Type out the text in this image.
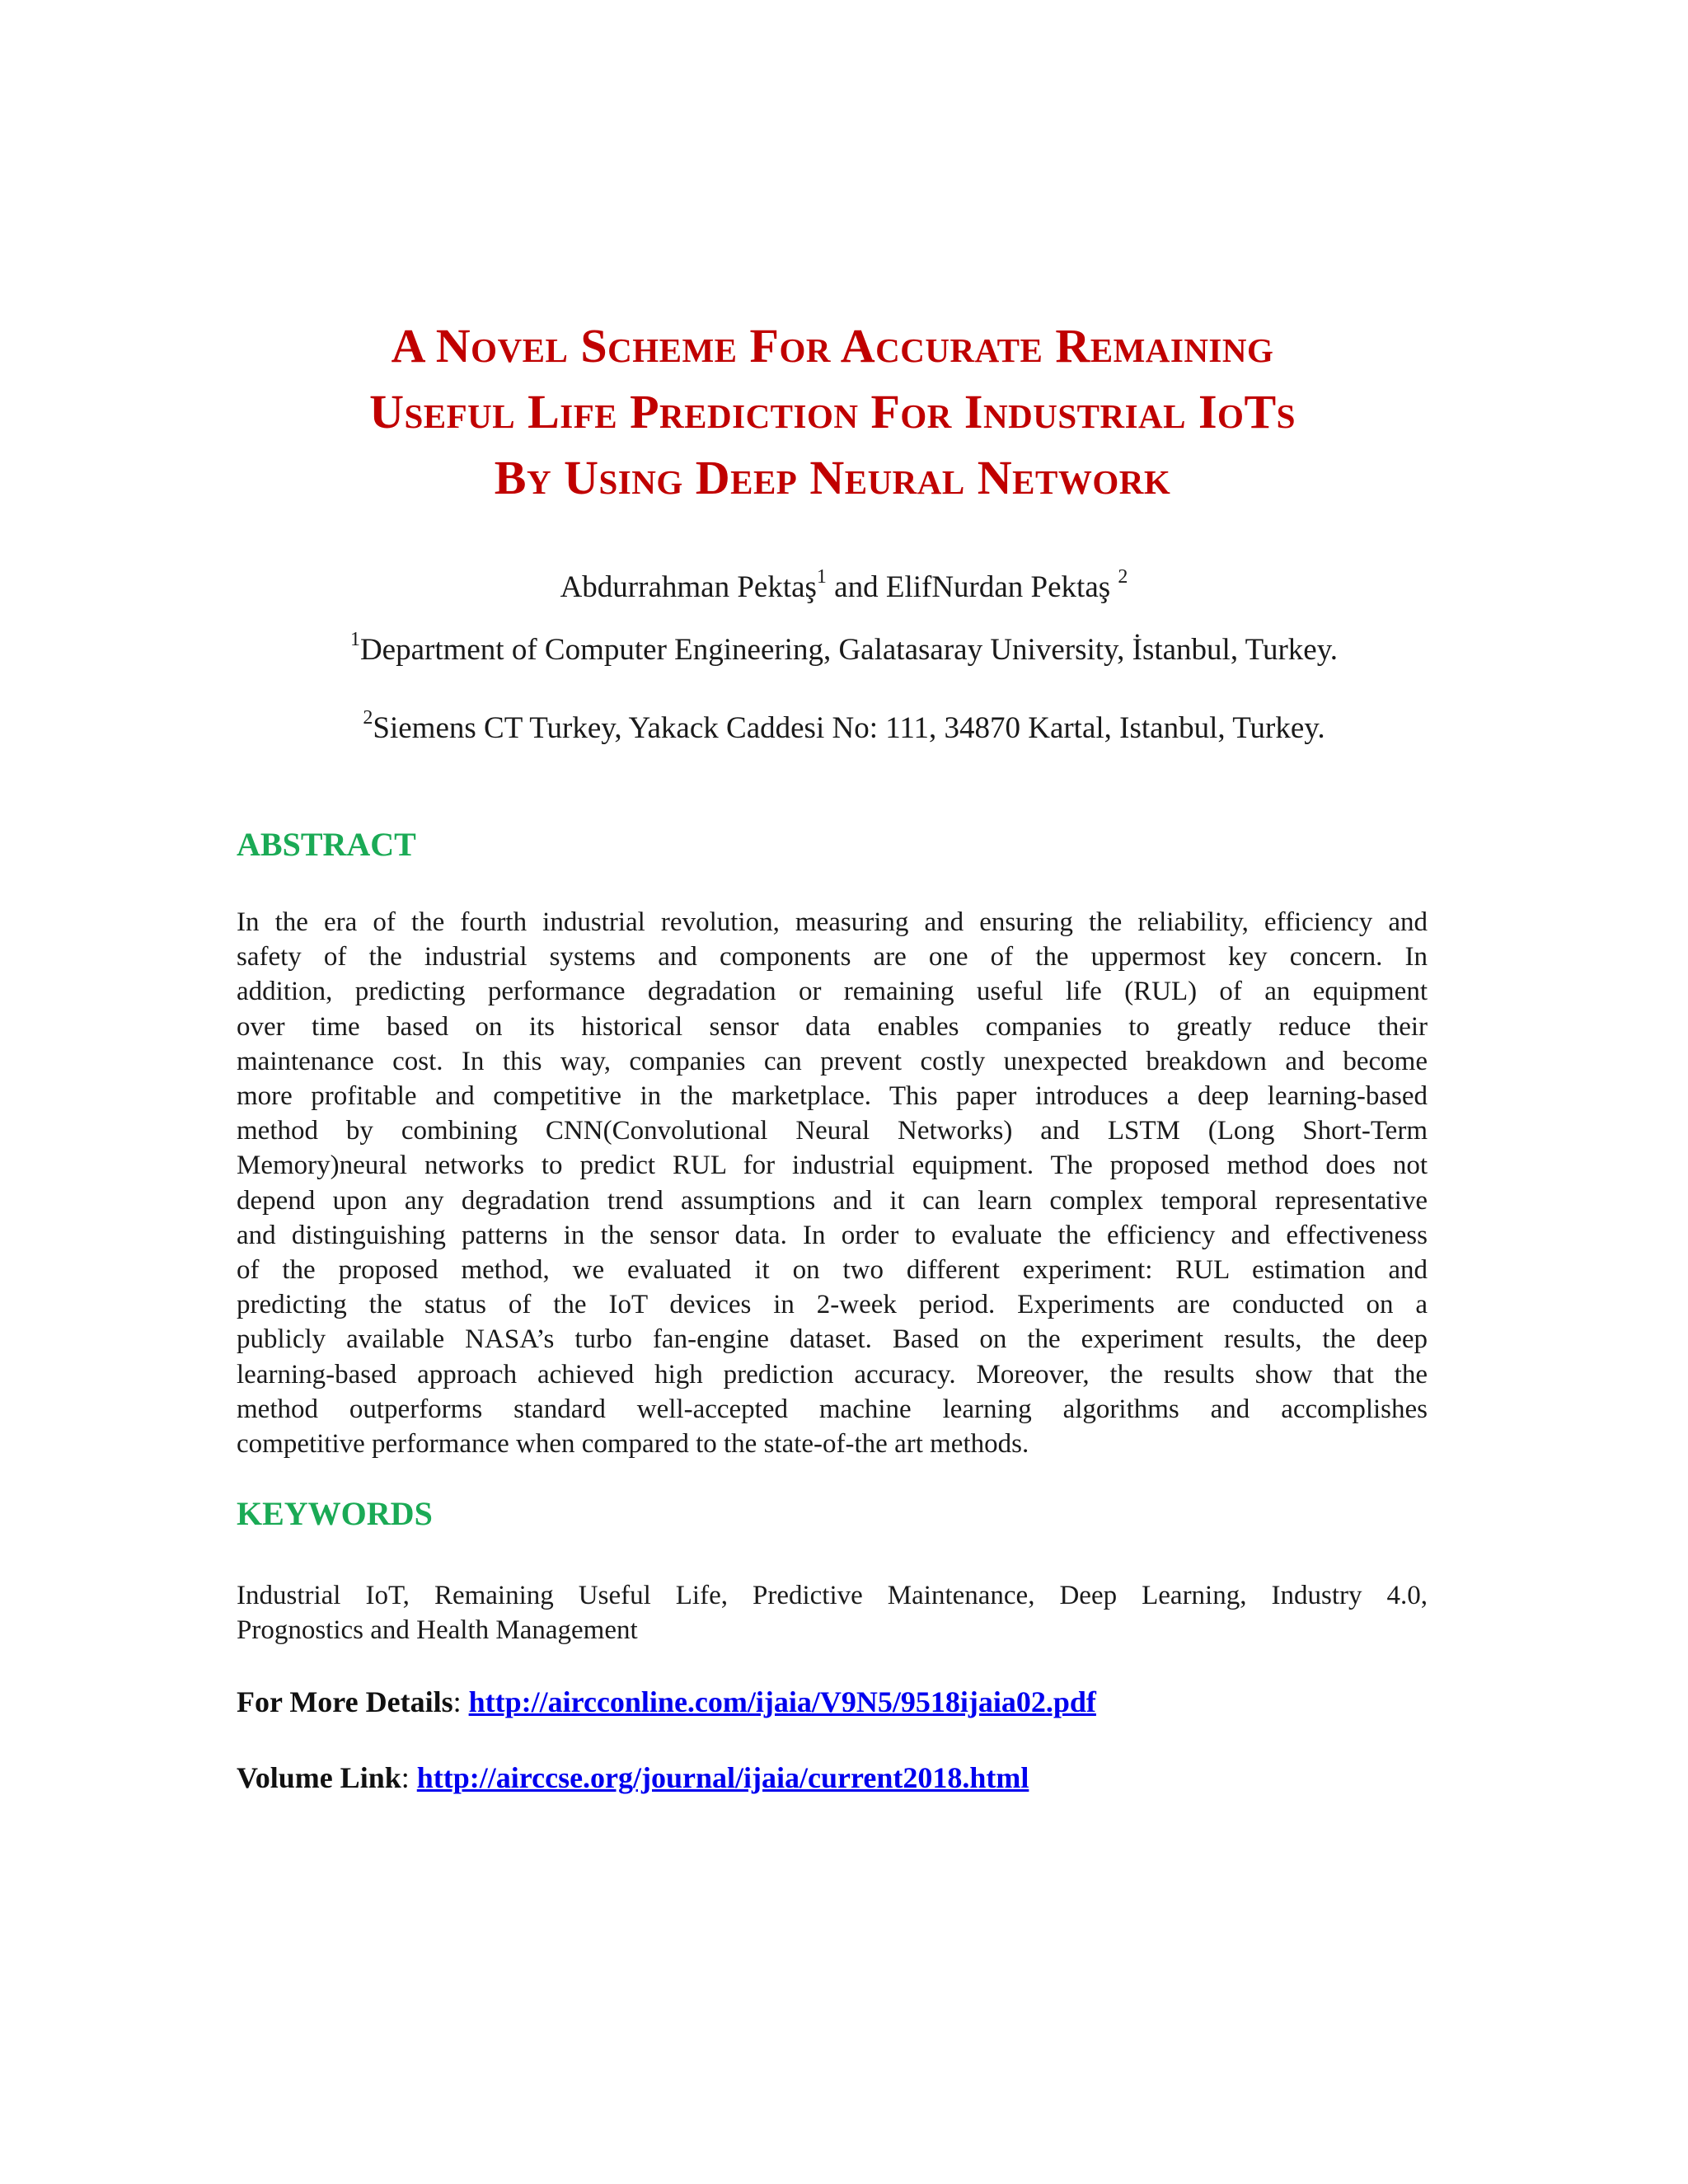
A Novel Scheme For Accurate Remaining
Useful Life Prediction For Industrial IoTs
By Using Deep Neural Network
Abdurrahman Pektaş$^1$ and ElifNurdan Pektaş $^2$
$^1$Department of Computer Engineering, Galatasaray University, İstanbul, Turkey.
$^2$Siemens CT Turkey, Yakack Caddesi No: 111, 34870 Kartal, Istanbul, Turkey.
ABSTRACT
In the era of the fourth industrial revolution, measuring and ensuring the reliability, efficiency and
safety of the industrial systems and components are one of the uppermost key concern. In
addition, predicting performance degradation or remaining useful life (RUL) of an equipment
over time based on its historical sensor data enables companies to greatly reduce their
maintenance cost. In this way, companies can prevent costly unexpected breakdown and become
more profitable and competitive in the marketplace. This paper introduces a deep learning-based
method by combining CNN(Convolutional Neural Networks) and LSTM (Long Short-Term
Memory)neural networks to predict RUL for industrial equipment. The proposed method does not
depend upon any degradation trend assumptions and it can learn complex temporal representative
and distinguishing patterns in the sensor data. In order to evaluate the efficiency and effectiveness
of the proposed method, we evaluated it on two different experiment: RUL estimation and
predicting the status of the IoT devices in 2-week period. Experiments are conducted on a
publicly available NASA’s turbo fan-engine dataset. Based on the experiment results, the deep
learning-based approach achieved high prediction accuracy. Moreover, the results show that the
method outperforms standard well-accepted machine learning algorithms and accomplishes
competitive performance when compared to the state-of-the art methods.
KEYWORDS
Industrial IoT, Remaining Useful Life, Predictive Maintenance, Deep Learning, Industry 4.0,
Prognostics and Health Management
For More Details: http://aircconline.com/ijaia/V9N5/9518ijaia02.pdf
Volume Link: http://airccse.org/journal/ijaia/current2018.html
